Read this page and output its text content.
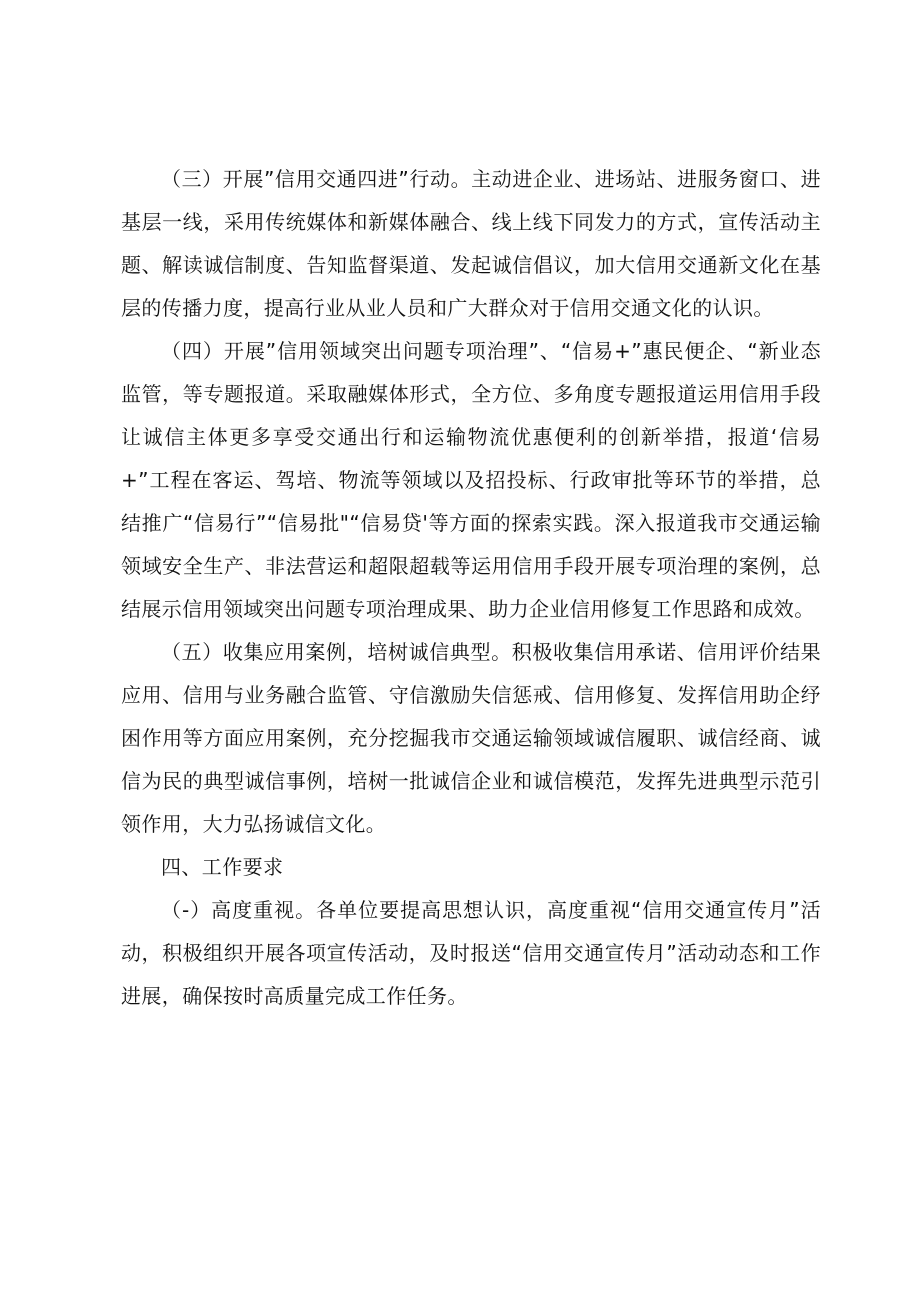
（三）开展”信用交通四进”行动。主动进企业、进场站、进服务窗口、进基层一线，采用传统媒体和新媒体融合、线上线下同发力的方式，宣传活动主题、解读诚信制度、告知监督渠道、发起诚信倡议，加大信用交通新文化在基层的传播力度，提高行业从业人员和广大群众对于信用交通文化的认识。

（四）开展”信用领域突出问题专项治理”、“信易+”惠民便企、“新业态监管，等专题报道。采取融媒体形式，全方位、多角度专题报道运用信用手段让诚信主体更多享受交通出行和运输物流优惠便利的创新举措，报道‘信易+”工程在客运、驾培、物流等领域以及招投标、行政审批等环节的举措，总结推广“信易行”“信易批"“信易贷'等方面的探索实践。深入报道我市交通运输领域安全生产、非法营运和超限超载等运用信用手段开展专项治理的案例，总结展示信用领域突出问题专项治理成果、助力企业信用修复工作思路和成效。

（五）收集应用案例，培树诚信典型。积极收集信用承诺、信用评价结果应用、信用与业务融合监管、守信激励失信惩戒、信用修复、发挥信用助企纾困作用等方面应用案例，充分挖掘我市交通运输领域诚信履职、诚信经商、诚信为民的典型诚信事例，培树一批诚信企业和诚信模范，发挥先进典型示范引领作用，大力弘扬诚信文化。

四、工作要求

（-）高度重视。各单位要提高思想认识，高度重视“信用交通宣传月”活动，积极组织开展各项宣传活动，及时报送“信用交通宣传月”活动动态和工作进展，确保按时高质量完成工作任务。
